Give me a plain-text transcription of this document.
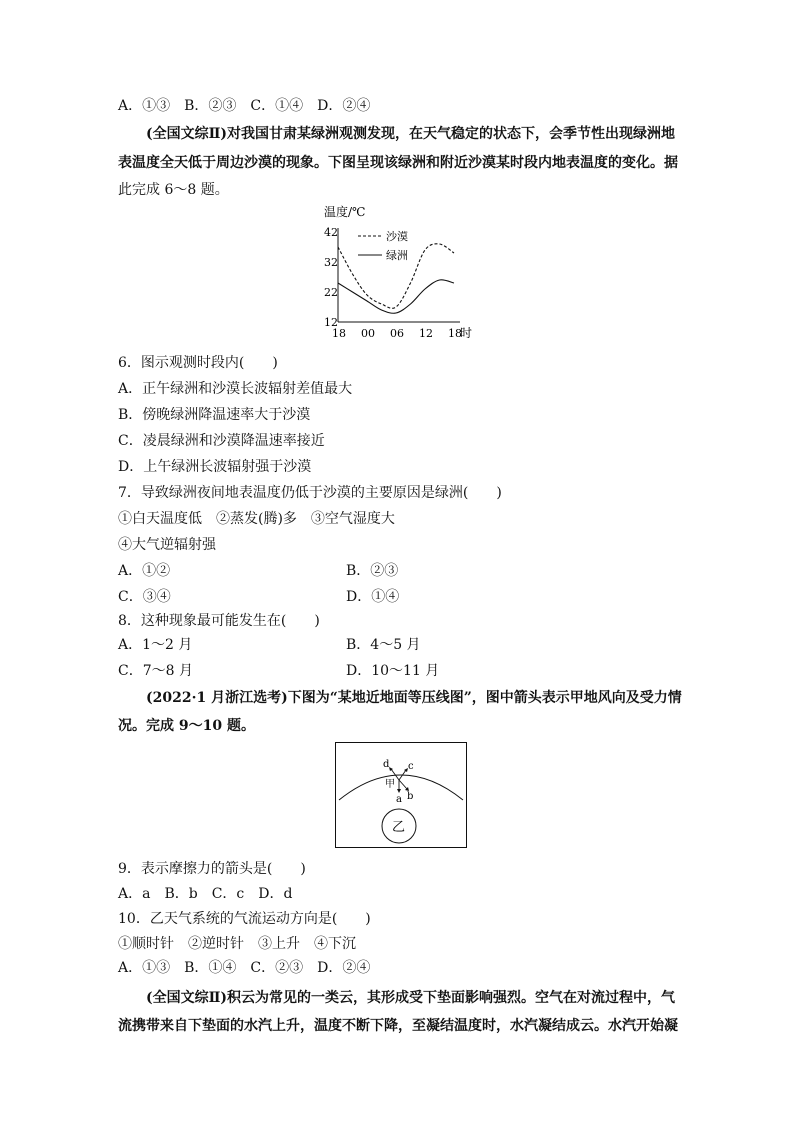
A．①③　B．②③　C．①④　D．②④
(全国文综Ⅱ)对我国甘肃某绿洲观测发现，在天气稳定的状态下，会季节性出现绿洲地
表温度全天低于周边沙漠的现象。下图呈现该绿洲和附近沙漠某时段内地表温度的变化。据
此完成 6～8 题。
温度/℃
12
22
32
42
18 00 06 12 18
时
沙漠
绿洲
6．图示观测时段内(　　)
A．正午绿洲和沙漠长波辐射差值最大
B．傍晚绿洲降温速率大于沙漠
C．凌晨绿洲和沙漠降温速率接近
D．上午绿洲长波辐射强于沙漠
7．导致绿洲夜间地表温度仍低于沙漠的主要原因是绿洲(　　)
①白天温度低　②蒸发(腾)多　③空气湿度大
④大气逆辐射强
A．①②	B．②③
C．③④	D．①④
8．这种现象最可能发生在(　　)
A．1～2 月	B．4～5 月
C．7～8 月	D．10～11 月
(2022·1 月浙江选考)下图为“某地近地面等压线图”，图中箭头表示甲地风向及受力情
况。完成 9～10 题。
乙
甲
a b
c
d
9．表示摩擦力的箭头是(　　)
A．a　B．b　C．c　D．d
10．乙天气系统的气流运动方向是(　　)
①顺时针　②逆时针　③上升　④下沉
A．①③　B．①④　C．②③　D．②④
(全国文综Ⅱ)积云为常见的一类云，其形成受下垫面影响强烈。空气在对流过程中，气
流携带来自下垫面的水汽上升，温度不断下降，至凝结温度时，水汽凝结成云。水汽开始凝
